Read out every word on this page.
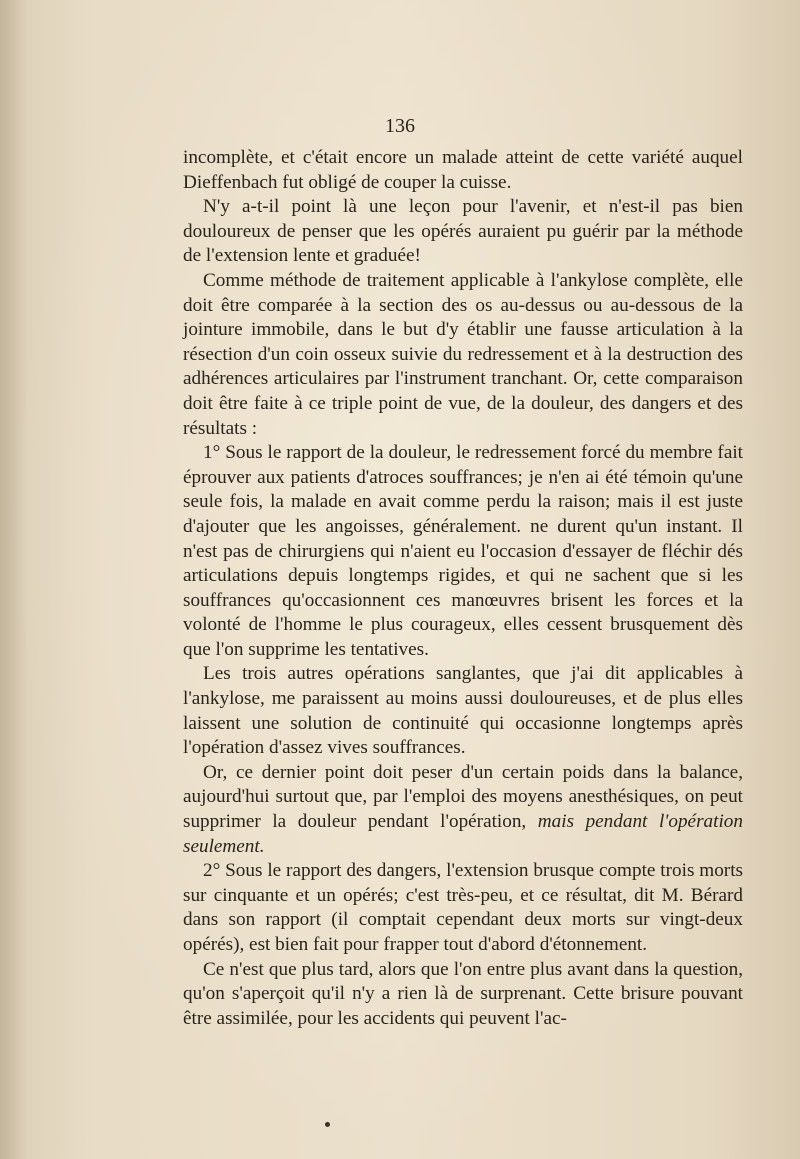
136

incomplète, et c'était encore un malade atteint de cette variété auquel Dieffenbach fut obligé de couper la cuisse.

N'y a-t-il point là une leçon pour l'avenir, et n'est-il pas bien douloureux de penser que les opérés auraient pu guérir par la méthode de l'extension lente et graduée!

Comme méthode de traitement applicable à l'ankylose complète, elle doit être comparée à la section des os au-dessus ou au-dessous de la jointure immobile, dans le but d'y établir une fausse articulation à la résection d'un coin osseux suivie du redressement et à la destruction des adhérences articulaires par l'instrument tranchant. Or, cette comparaison doit être faite à ce triple point de vue, de la douleur, des dangers et des résultats :

1° Sous le rapport de la douleur, le redressement forcé du membre fait éprouver aux patients d'atroces souffrances; je n'en ai été témoin qu'une seule fois, la malade en avait comme perdu la raison; mais il est juste d'ajouter que les angoisses, généralement. ne durent qu'un instant. Il n'est pas de chirurgiens qui n'aient eu l'occasion d'essayer de fléchir dés articulations depuis longtemps rigides, et qui ne sachent que si les souffrances qu'occasionnent ces manœuvres brisent les forces et la volonté de l'homme le plus courageux, elles cessent brusquement dès que l'on supprime les tentatives.

Les trois autres opérations sanglantes, que j'ai dit applicables à l'ankylose, me paraissent au moins aussi douloureuses, et de plus elles laissent une solution de continuité qui occasionne longtemps après l'opération d'assez vives souffrances.

Or, ce dernier point doit peser d'un certain poids dans la balance, aujourd'hui surtout que, par l'emploi des moyens anesthésiques, on peut supprimer la douleur pendant l'opération, mais pendant l'opération seulement.

2° Sous le rapport des dangers, l'extension brusque compte trois morts sur cinquante et un opérés; c'est très-peu, et ce résultat, dit M. Bérard dans son rapport (il comptait cependant deux morts sur vingt-deux opérés), est bien fait pour frapper tout d'abord d'étonnement.

Ce n'est que plus tard, alors que l'on entre plus avant dans la question, qu'on s'aperçoit qu'il n'y a rien là de surprenant. Cette brisure pouvant être assimilée, pour les accidents qui peuvent l'ac-
